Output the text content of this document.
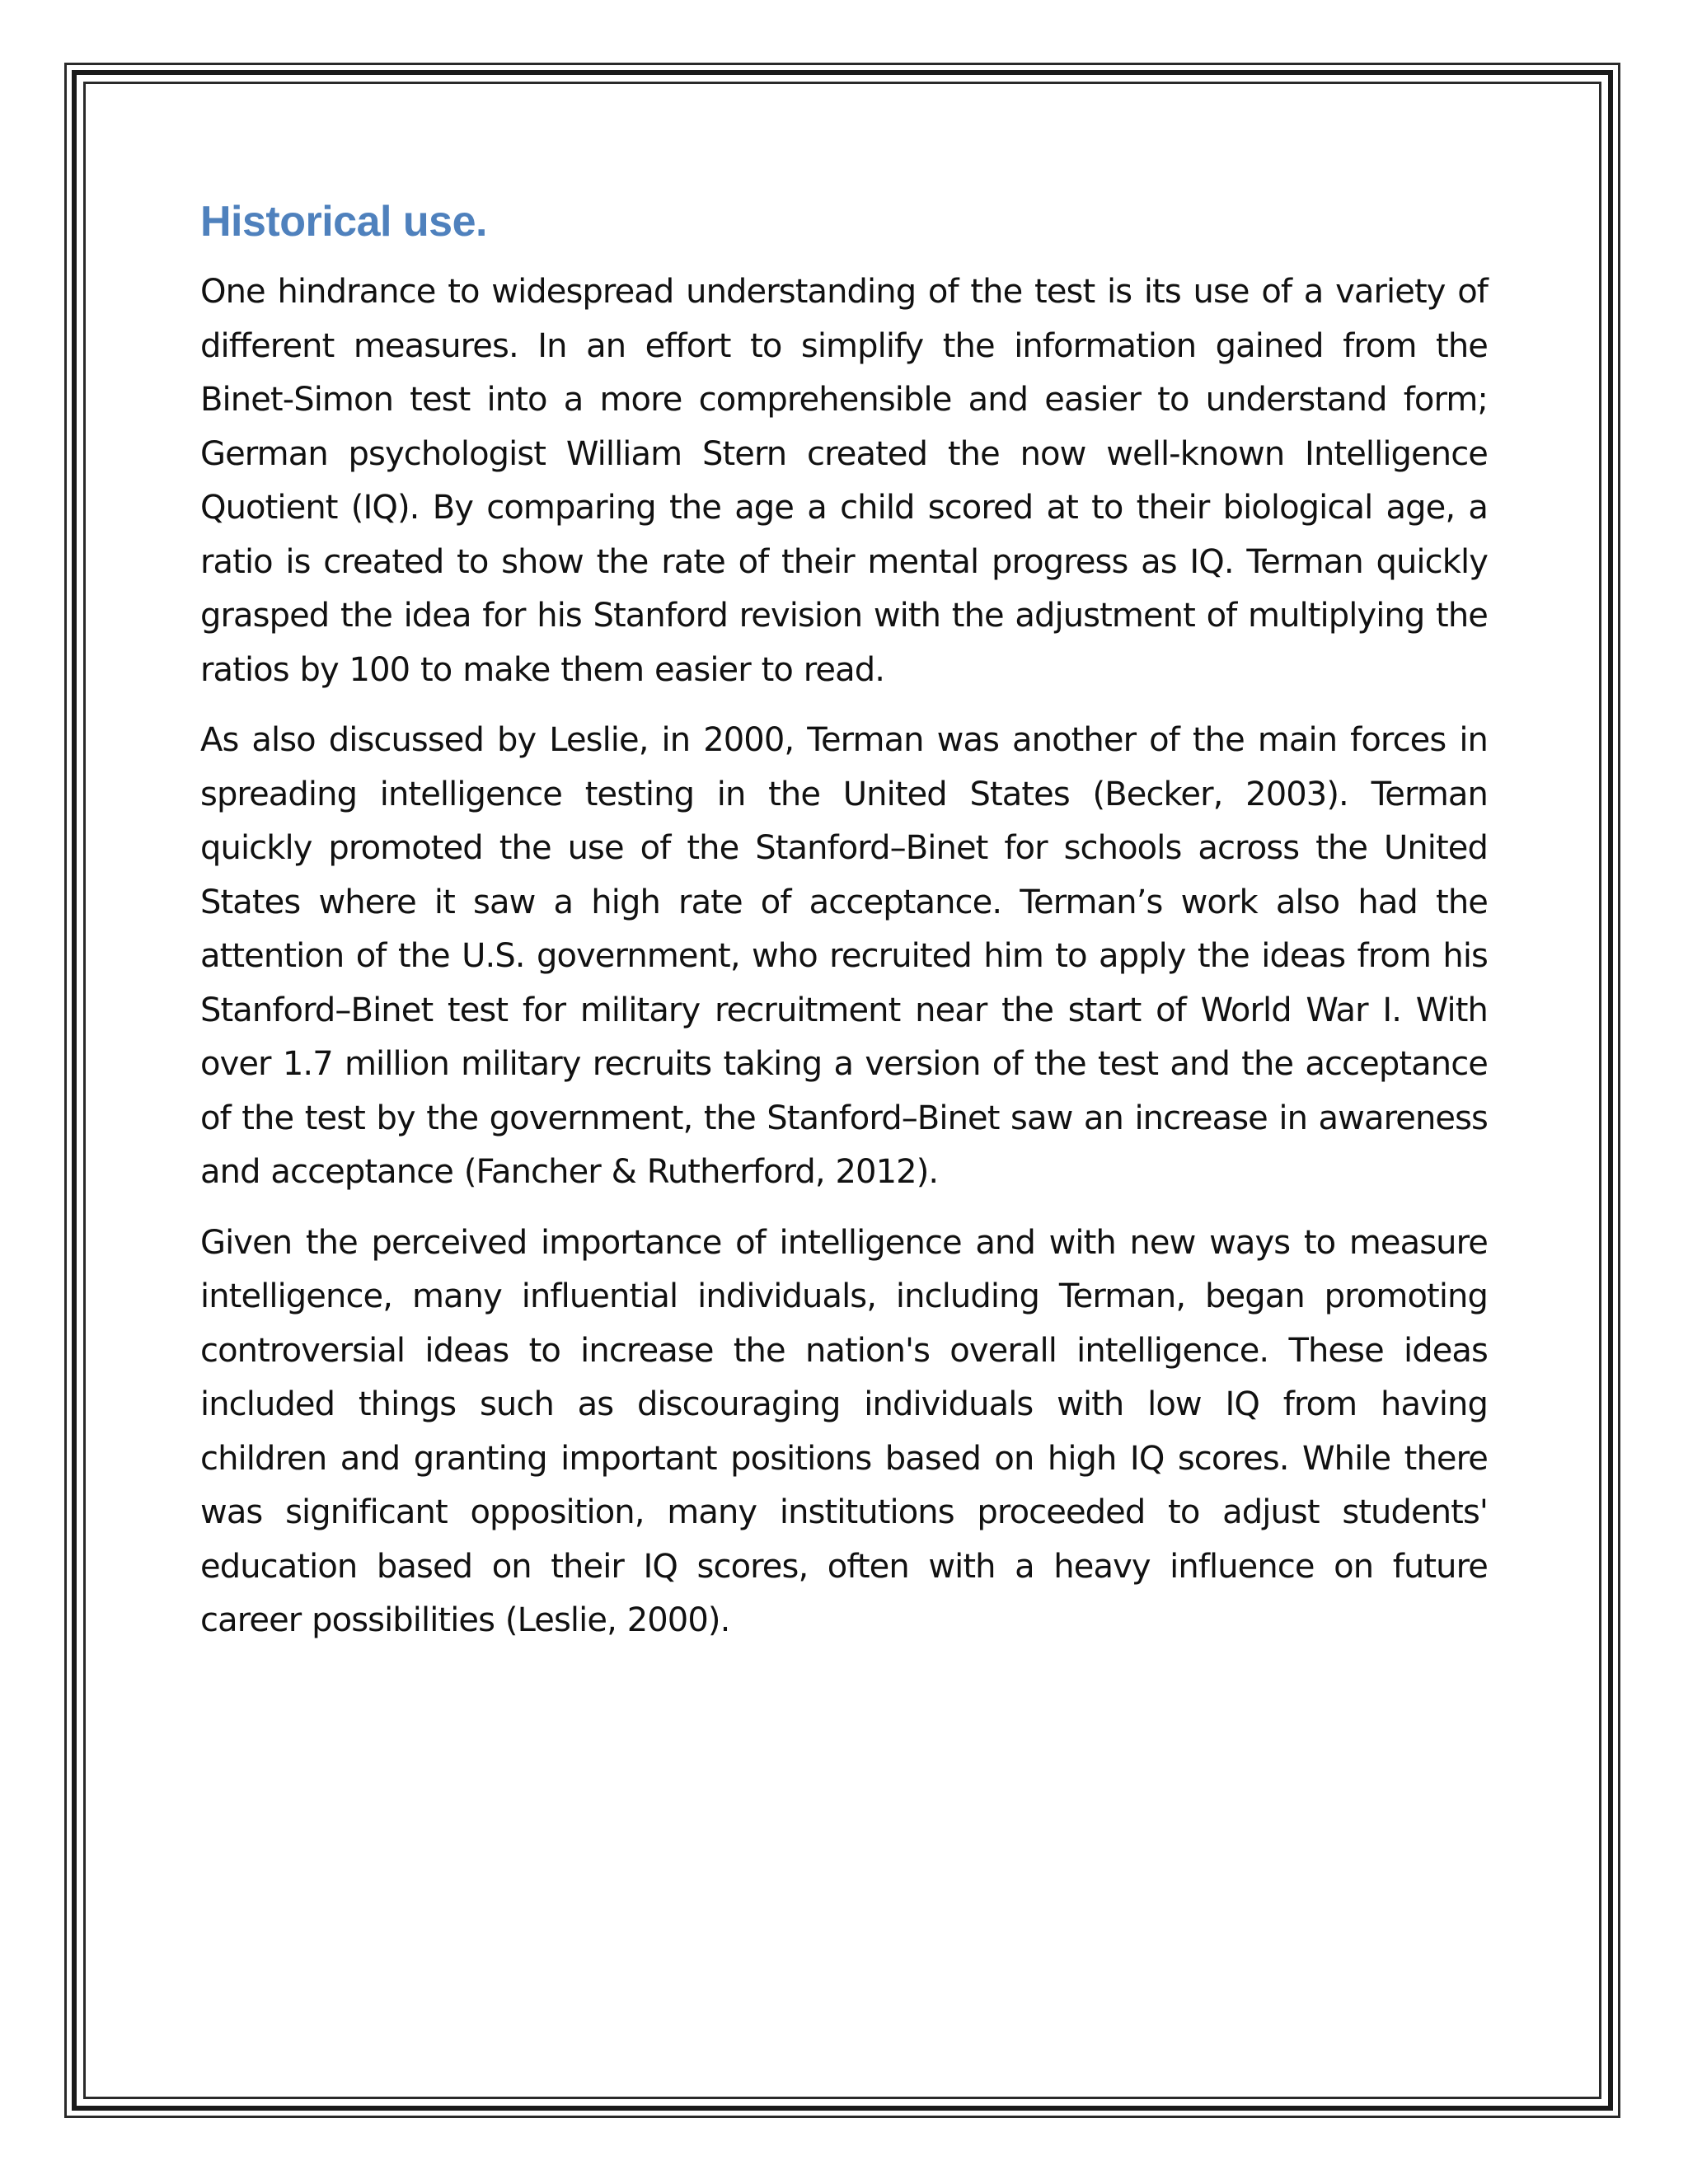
Historical use.

One hindrance to widespread understanding of the test is its use of a variety of different measures. In an effort to simplify the information gained from the Binet-Simon test into a more comprehensible and easier to understand form; German psychologist William Stern created the now well-known Intelligence Quotient (IQ). By comparing the age a child scored at to their biological age, a ratio is created to show the rate of their mental progress as IQ. Terman quickly grasped the idea for his Stanford revision with the adjustment of multiplying the ratios by 100 to make them easier to read.

As also discussed by Leslie, in 2000, Terman was another of the main forces in spreading intelligence testing in the United States (Becker, 2003). Terman quickly promoted the use of the Stanford–Binet for schools across the United States where it saw a high rate of acceptance. Terman’s work also had the attention of the U.S. government, who recruited him to apply the ideas from his Stanford–Binet test for military recruitment near the start of World War I. With over 1.7 million military recruits taking a version of the test and the acceptance of the test by the government, the Stanford–Binet saw an increase in awareness and acceptance (Fancher & Rutherford, 2012).

Given the perceived importance of intelligence and with new ways to measure intelligence, many influential individuals, including Terman, began promoting controversial ideas to increase the nation's overall intelligence. These ideas included things such as discouraging individuals with low IQ from having children and granting important positions based on high IQ scores. While there was significant opposition, many institutions proceeded to adjust students' education based on their IQ scores, often with a heavy influence on future career possibilities (Leslie, 2000).
